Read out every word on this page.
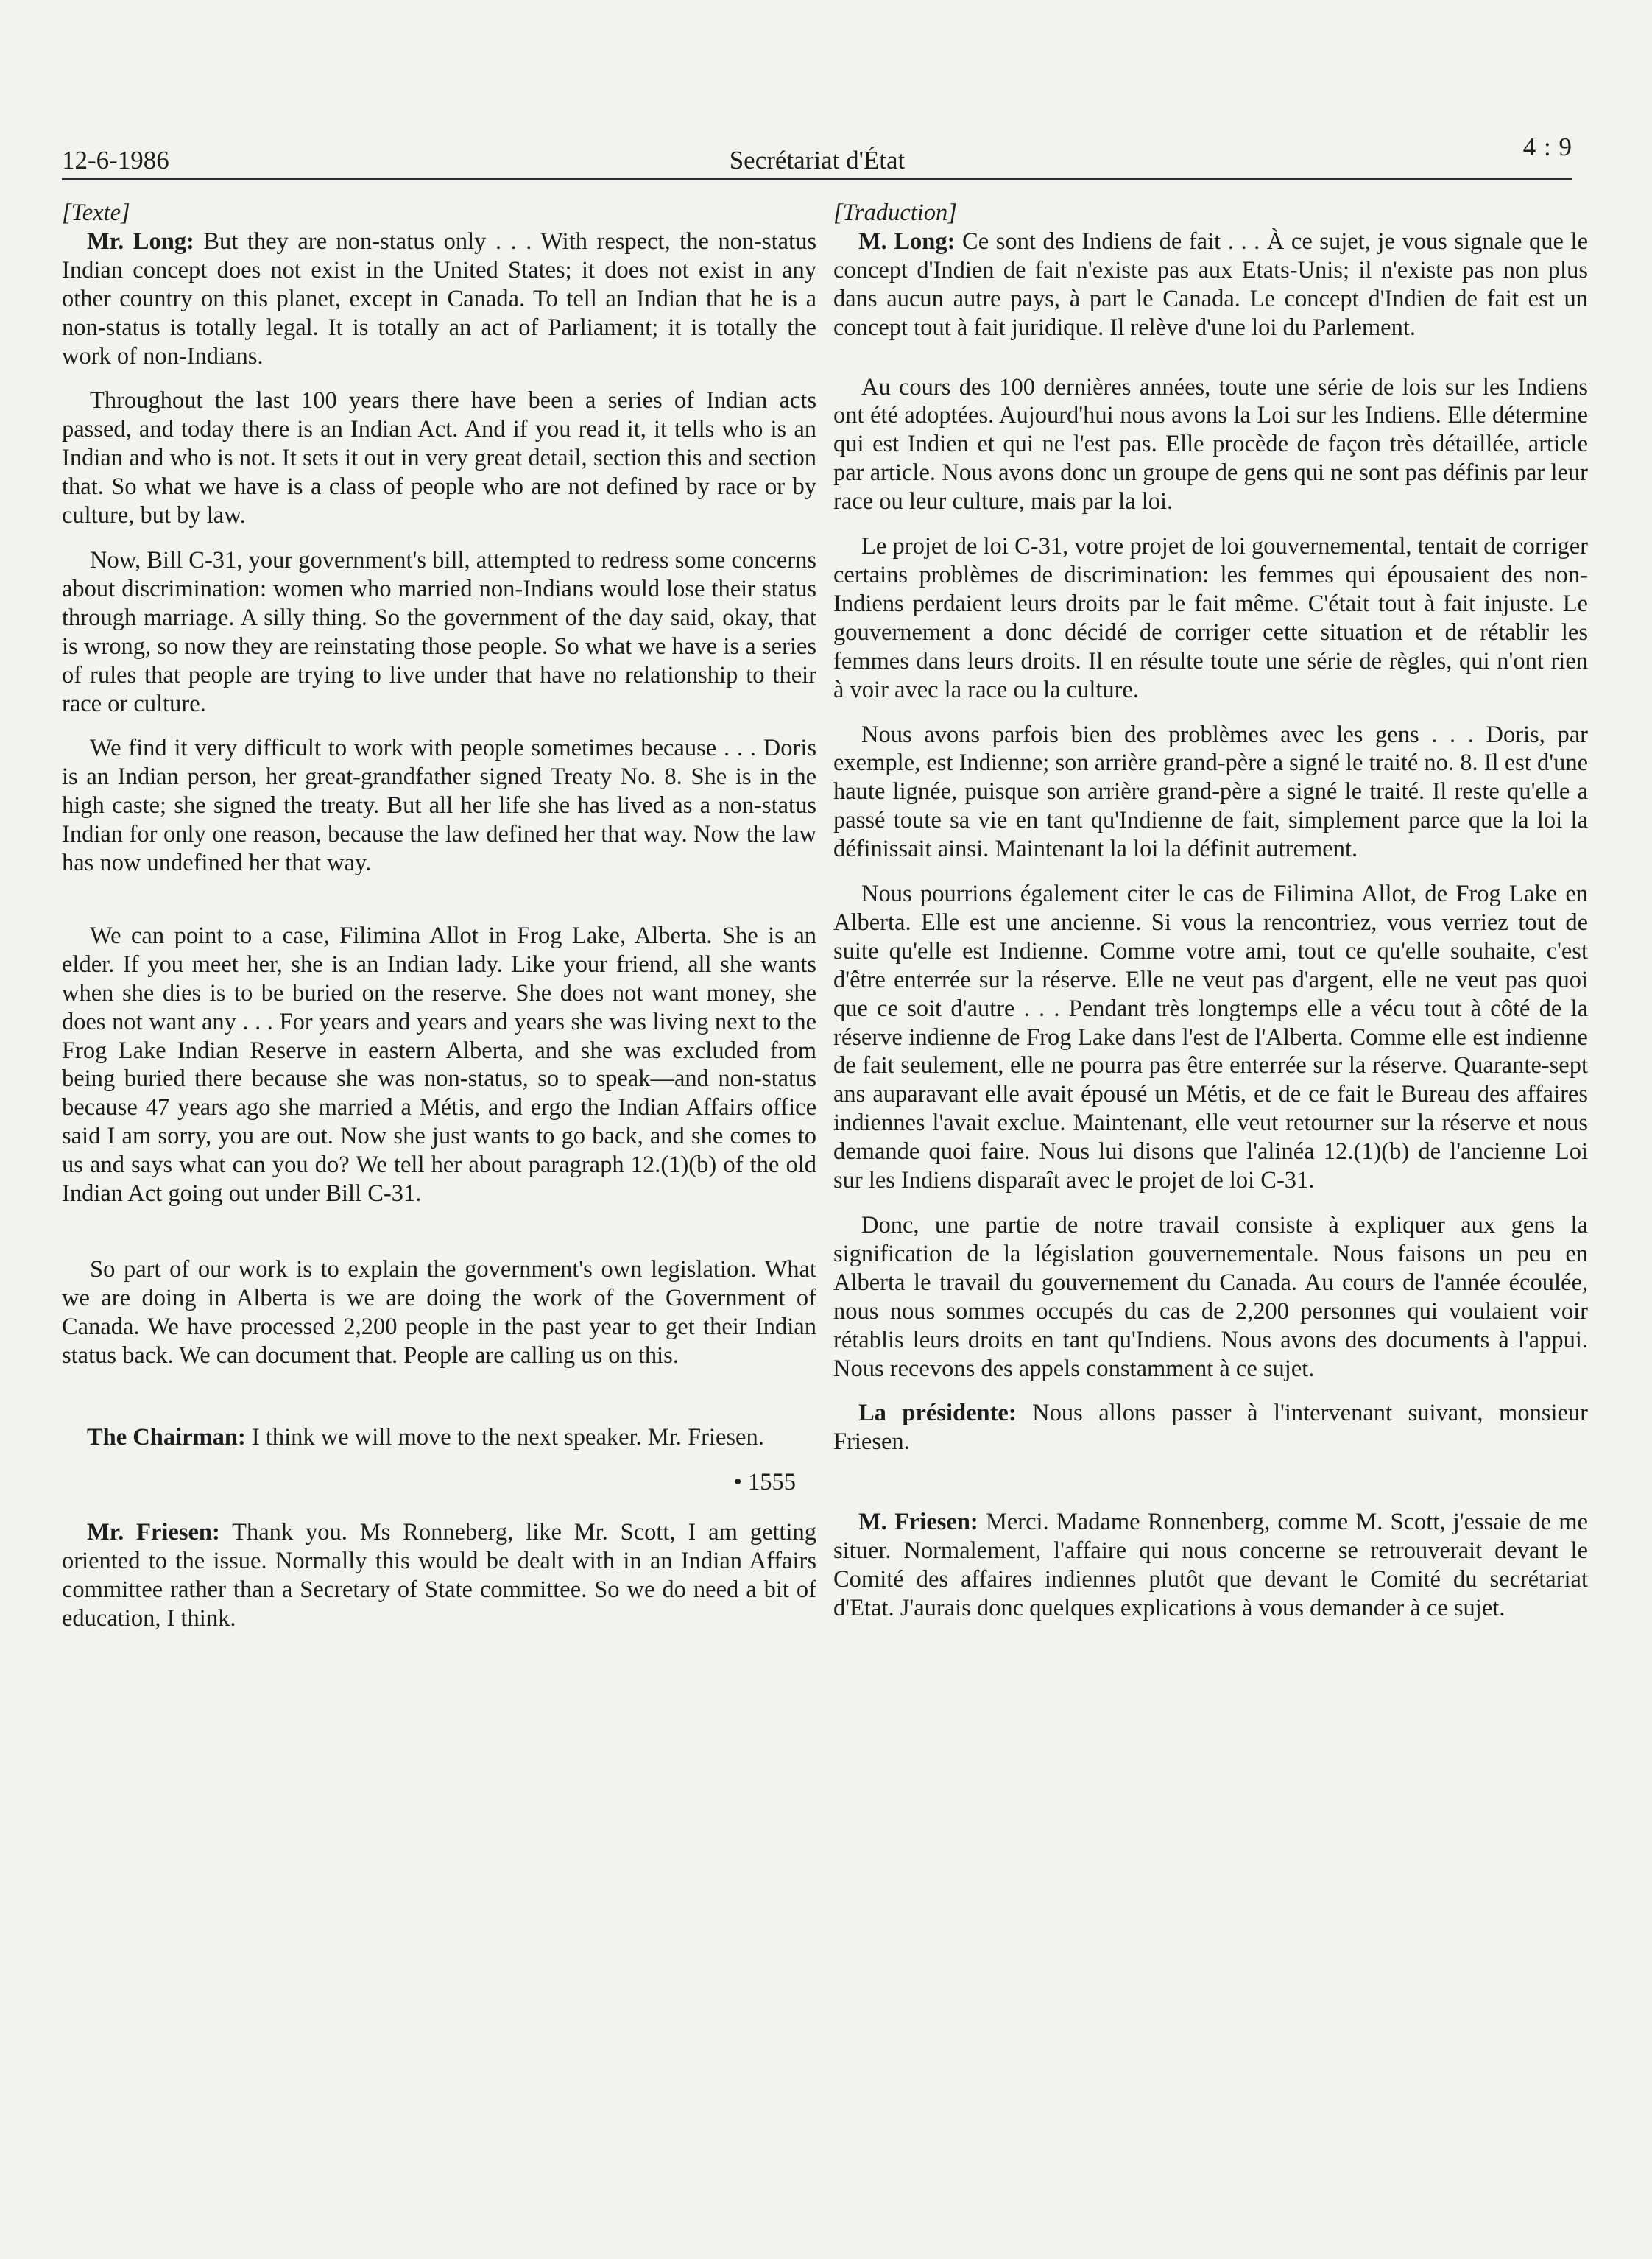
12-6-1986	Secrétariat d'État	4 : 9
[Texte]

Mr. Long: But they are non-status only . . . With respect, the non-status Indian concept does not exist in the United States; it does not exist in any other country on this planet, except in Canada. To tell an Indian that he is a non-status is totally legal. It is totally an act of Parliament; it is totally the work of non-Indians.

Throughout the last 100 years there have been a series of Indian acts passed, and today there is an Indian Act. And if you read it, it tells who is an Indian and who is not. It sets it out in very great detail, section this and section that. So what we have is a class of people who are not defined by race or by culture, but by law.

Now, Bill C-31, your government's bill, attempted to redress some concerns about discrimination: women who married non-Indians would lose their status through marriage. A silly thing. So the government of the day said, okay, that is wrong, so now they are reinstating those people. So what we have is a series of rules that people are trying to live under that have no relationship to their race or culture.

We find it very difficult to work with people sometimes because . . . Doris is an Indian person, her great-grandfather signed Treaty No. 8. She is in the high caste; she signed the treaty. But all her life she has lived as a non-status Indian for only one reason, because the law defined her that way. Now the law has now undefined her that way.

We can point to a case, Filimina Allot in Frog Lake, Alberta. She is an elder. If you meet her, she is an Indian lady. Like your friend, all she wants when she dies is to be buried on the reserve. She does not want money, she does not want any . . . For years and years and years she was living next to the Frog Lake Indian Reserve in eastern Alberta, and she was excluded from being buried there because she was non-status, so to speak—and non-status because 47 years ago she married a Métis, and ergo the Indian Affairs office said I am sorry, you are out. Now she just wants to go back, and she comes to us and says what can you do? We tell her about paragraph 12.(1)(b) of the old Indian Act going out under Bill C-31.

So part of our work is to explain the government's own legislation. What we are doing in Alberta is we are doing the work of the Government of Canada. We have processed 2,200 people in the past year to get their Indian status back. We can document that. People are calling us on this.

The Chairman: I think we will move to the next speaker. Mr. Friesen.

• 1555

Mr. Friesen: Thank you. Ms Ronneberg, like Mr. Scott, I am getting oriented to the issue. Normally this would be dealt with in an Indian Affairs committee rather than a Secretary of State committee. So we do need a bit of education, I think.

[Traduction]

M. Long: Ce sont des Indiens de fait . . . À ce sujet, je vous signale que le concept d'Indien de fait n'existe pas aux Etats-Unis; il n'existe pas non plus dans aucun autre pays, à part le Canada. Le concept d'Indien de fait est un concept tout à fait juridique. Il relève d'une loi du Parlement.

Au cours des 100 dernières années, toute une série de lois sur les Indiens ont été adoptées. Aujourd'hui nous avons la Loi sur les Indiens. Elle détermine qui est Indien et qui ne l'est pas. Elle procède de façon très détaillée, article par article. Nous avons donc un groupe de gens qui ne sont pas définis par leur race ou leur culture, mais par la loi.

Le projet de loi C-31, votre projet de loi gouvernemental, tentait de corriger certains problèmes de discrimination: les femmes qui épousaient des non-Indiens perdaient leurs droits par le fait même. C'était tout à fait injuste. Le gouvernement a donc décidé de corriger cette situation et de rétablir les femmes dans leurs droits. Il en résulte toute une série de règles, qui n'ont rien à voir avec la race ou la culture.

Nous avons parfois bien des problèmes avec les gens . . . Doris, par exemple, est Indienne; son arrière grand-père a signé le traité no. 8. Il est d'une haute lignée, puisque son arrière grand-père a signé le traité. Il reste qu'elle a passé toute sa vie en tant qu'Indienne de fait, simplement parce que la loi la définissait ainsi. Maintenant la loi la définit autrement.

Nous pourrions également citer le cas de Filimina Allot, de Frog Lake en Alberta. Elle est une ancienne. Si vous la rencontriez, vous verriez tout de suite qu'elle est Indienne. Comme votre ami, tout ce qu'elle souhaite, c'est d'être enterrée sur la réserve. Elle ne veut pas d'argent, elle ne veut pas quoi que ce soit d'autre . . . Pendant très longtemps elle a vécu tout à côté de la réserve indienne de Frog Lake dans l'est de l'Alberta. Comme elle est indienne de fait seulement, elle ne pourra pas être enterrée sur la réserve. Quarante-sept ans auparavant elle avait épousé un Métis, et de ce fait le Bureau des affaires indiennes l'avait exclue. Maintenant, elle veut retourner sur la réserve et nous demande quoi faire. Nous lui disons que l'alinéa 12.(1)(b) de l'ancienne Loi sur les Indiens disparaît avec le projet de loi C-31.

Donc, une partie de notre travail consiste à expliquer aux gens la signification de la législation gouvernementale. Nous faisons un peu en Alberta le travail du gouvernement du Canada. Au cours de l'année écoulée, nous nous sommes occupés du cas de 2,200 personnes qui voulaient voir rétablis leurs droits en tant qu'Indiens. Nous avons des documents à l'appui. Nous recevons des appels constamment à ce sujet.

La présidente: Nous allons passer à l'intervenant suivant, monsieur Friesen.

M. Friesen: Merci. Madame Ronnenberg, comme M. Scott, j'essaie de me situer. Normalement, l'affaire qui nous concerne se retrouverait devant le Comité des affaires indiennes plutôt que devant le Comité du secrétariat d'Etat. J'aurais donc quelques explications à vous demander à ce sujet.
